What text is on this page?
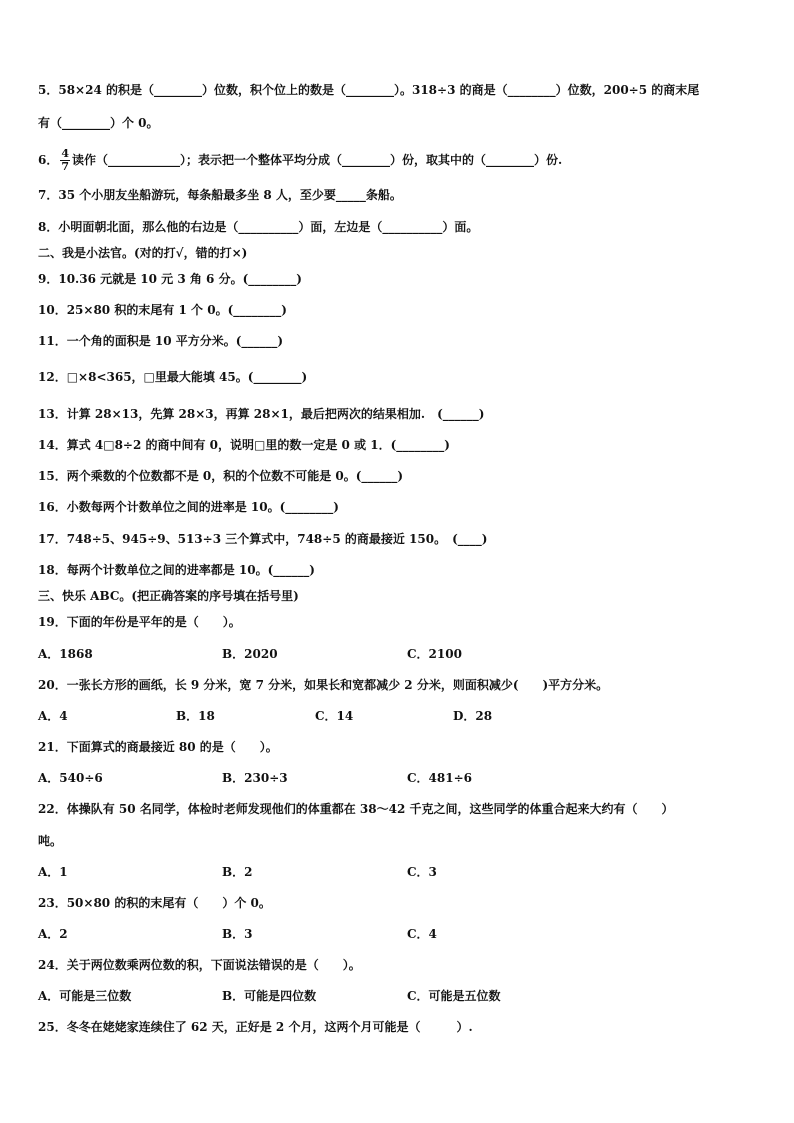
5．58×24 的积是（________）位数，积个位上的数是（________）。318÷3 的商是（________）位数，200÷5 的商末尾
有（________）个 0。
6． $\frac{4}{7}$ 读作（____________）；表示把一个整体平均分成（________）份，取其中的（________）份.
7．35 个小朋友坐船游玩，每条船最多坐 8 人，至少要_____条船。
8．小明面朝北面，那么他的右边是（__________）面，左边是（__________）面。
二、我是小法官。(对的打√，错的打×)
9．10.36 元就是 10 元 3 角 6 分。(________)
10．25×80 积的末尾有 1 个 0。(________)
11．一个角的面积是 10 平方分米。(______)
12．□×8<365，□里最大能填 45。(________)
13．计算 28×13，先算 28×3，再算 28×1，最后把两次的结果相加.　(______)
14．算式 4□8÷2 的商中间有 0，说明□里的数一定是 0 或 1．(________)
15．两个乘数的个位数都不是 0，积的个位数不可能是 0。(______)
16．小数每两个计数单位之间的进率是 10。(________)
17．748÷5、945÷9、513÷3 三个算式中，748÷5 的商最接近 150。　(____)
18．每两个计数单位之间的进率都是 10。(______)
三、快乐 ABC。(把正确答案的序号填在括号里)
19．下面的年份是平年的是（　　）。
A．1868	B．2020	C．2100
20．一张长方形的画纸，长 9 分米，宽 7 分米，如果长和宽都减少 2 分米，则面积减少(　　)平方分米。
A．4	B．18	C．14	D．28
21．下面算式的商最接近 80 的是（　　）。
A．540÷6	B．230÷3	C．481÷6
22．体操队有 50 名同学，体检时老师发现他们的体重都在 38～42 千克之间，这些同学的体重合起来大约有（　　）
吨。
A．1	B．2	C．3
23．50×80 的积的末尾有（　　）个 0。
A．2	B．3	C．4
24．关于两位数乘两位数的积，下面说法错误的是（　　）。
A．可能是三位数	B．可能是四位数	C．可能是五位数
25．冬冬在姥姥家连续住了 62 天，正好是 2 个月，这两个月可能是（　　　）.
